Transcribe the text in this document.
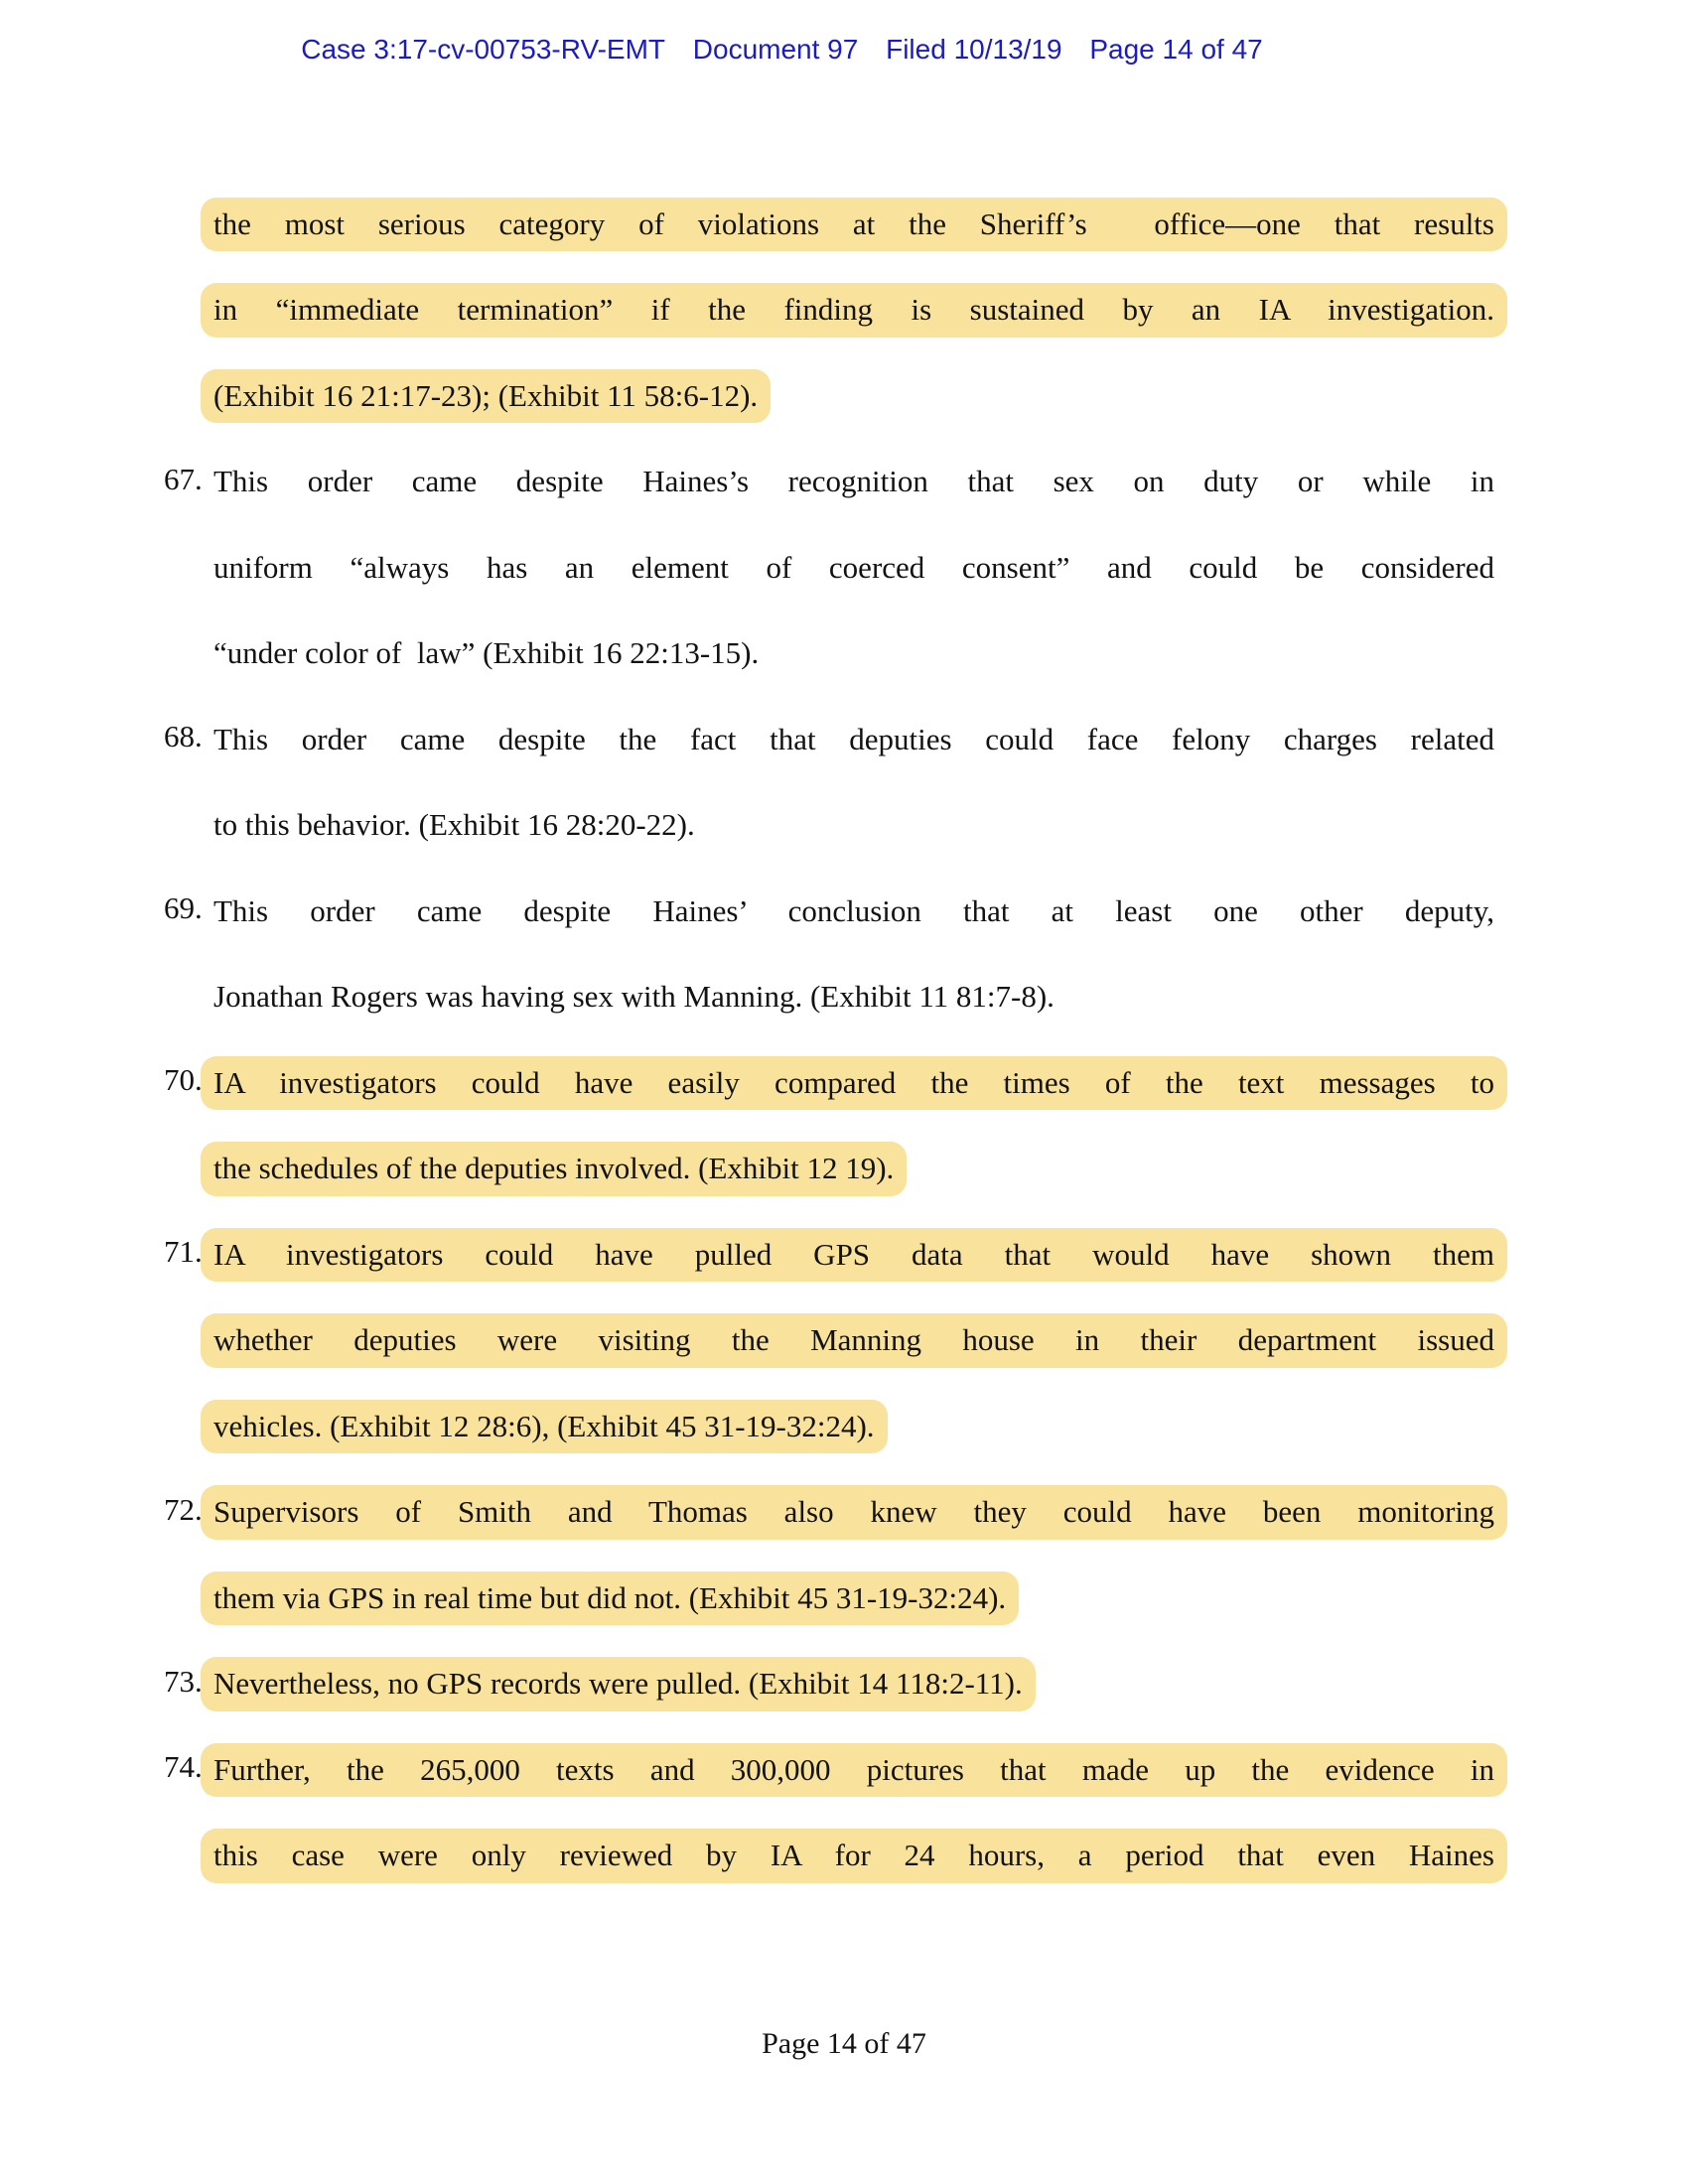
Case 3:17-cv-00753-RV-EMT Document 97 Filed 10/13/19 Page 14 of 47
the most serious category of violations at the Sheriff’s  office—one that results
in “immediate termination” if the finding is sustained by an IA investigation.
(Exhibit 16 21:17-23); (Exhibit 11 58:6-12).
67. This order came despite Haines’s recognition that sex on duty or while in
uniform “always has an element of coerced consent” and could be considered
“under color of  law” (Exhibit 16 22:13-15).
68. This order came despite the fact that deputies could face felony charges related
to this behavior. (Exhibit 16 28:20-22).
69. This order came despite Haines’ conclusion that at least one other deputy,
Jonathan Rogers was having sex with Manning. (Exhibit 11 81:7-8).
70. IA investigators could have easily compared the times of the text messages to
the schedules of the deputies involved. (Exhibit 12 19).
71. IA investigators could have pulled GPS data that would have shown them
whether deputies were visiting the Manning house in their department issued
vehicles. (Exhibit 12 28:6), (Exhibit 45 31-19-32:24).
72. Supervisors of Smith and Thomas also knew they could have been monitoring
them via GPS in real time but did not. (Exhibit 45 31-19-32:24).
73. Nevertheless, no GPS records were pulled. (Exhibit 14 118:2-11).
74. Further, the 265,000 texts and 300,000 pictures that made up the evidence in
this case were only reviewed by IA for 24 hours, a period that even Haines
Page 14 of 47
